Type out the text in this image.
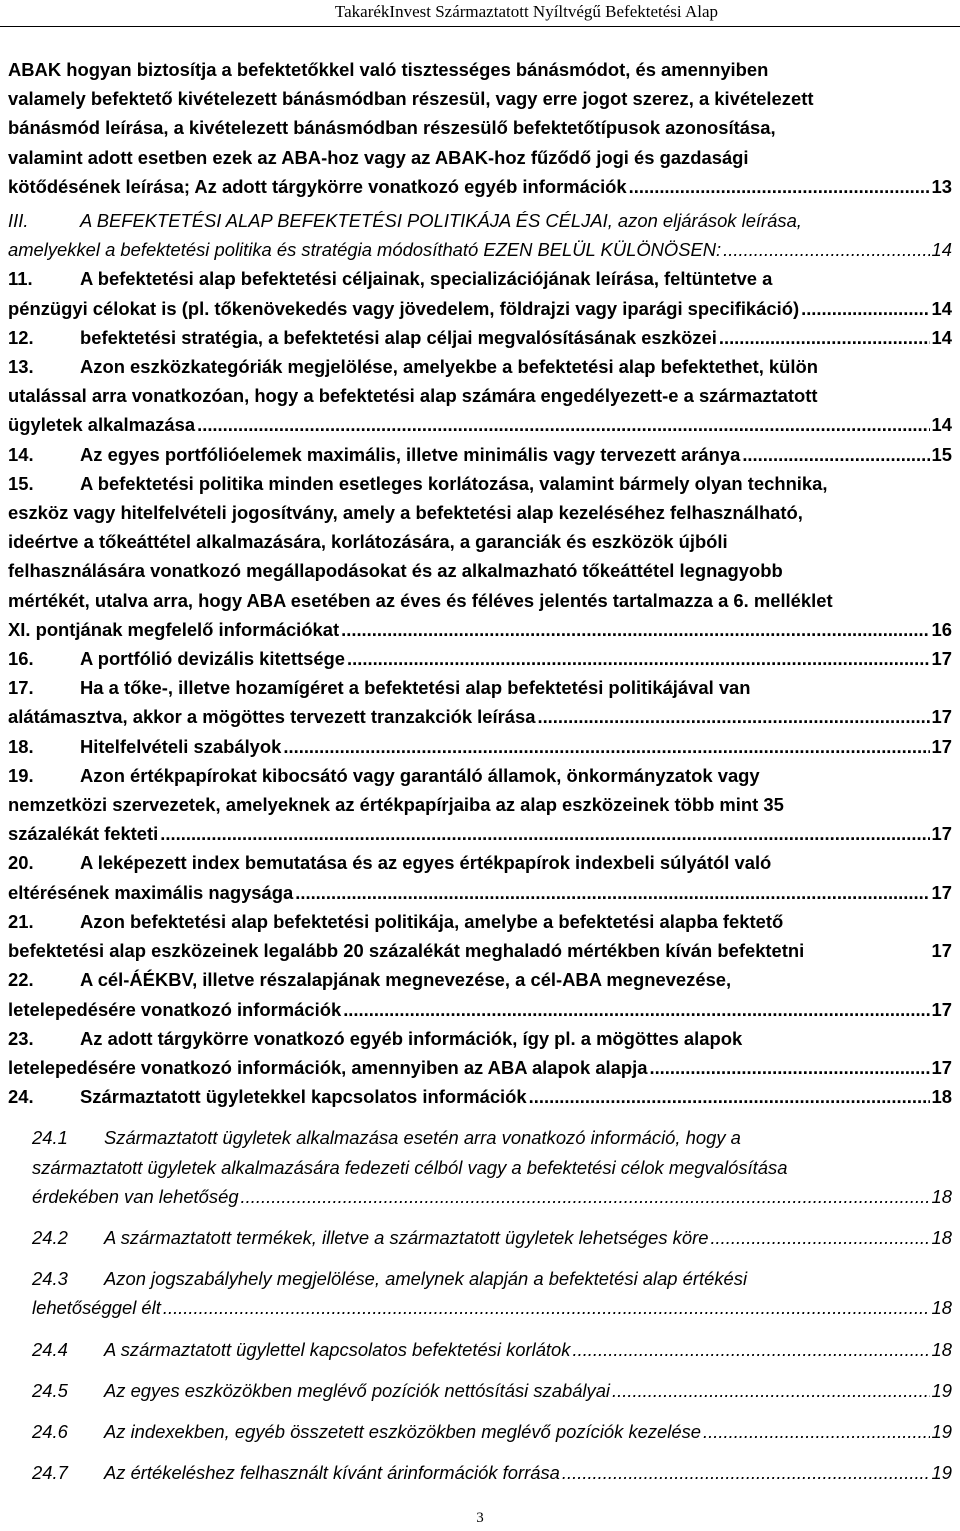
TakarékInvest Származtatott Nyíltvégű Befektetési Alap
ABAK hogyan biztosítja a befektetőkkel való tisztességes bánásmódot, és amennyiben
valamely befektető kivételezett bánásmódban részesül, vagy erre jogot szerez, a kivételezett
bánásmód leírása, a kivételezett bánásmódban részesülő befektetőtípusok azonosítása,
valamint adott esetben ezek az ABA-hoz vagy az ABAK-hoz fűződő jogi és gazdasági
kötődésének leírása; Az adott tárgykörre vonatkozó egyéb információk .....	13
III.	A BEFEKTETÉSI ALAP BEFEKTETÉSI POLITIKÁJA ÉS CÉLJAI, azon eljárások leírása,
amelyekkel a befektetési politika és stratégia módosítható EZEN BELÜL KÜLÖNÖSEN: .....	14
11.	A befektetési alap befektetési céljainak, specializációjának leírása, feltüntetve a
pénzügyi célokat is (pl. tőkenövekedés vagy jövedelem, földrajzi vagy iparági specifikáció) .....	14
12.	befektetési stratégia, a befektetési alap céljai megvalósításának eszközei .....	14
13.	Azon eszközkategóriák megjelölése, amelyekbe a befektetési alap befektethet, külön
utalással arra vonatkozóan, hogy a befektetési alap számára engedélyezett-e a származtatott
ügyletek alkalmazása .....	14
14.	Az egyes portfólióelemek maximális, illetve minimális vagy tervezett aránya .....	15
15.	A befektetési politika minden esetleges korlátozása, valamint bármely olyan technika,
eszköz vagy hitelfelvételi jogosítvány, amely a befektetési alap kezeléséhez felhasználható,
ideértve a tőkeáttétel alkalmazására, korlátozására, a garanciák és eszközök újbóli
felhasználására vonatkozó megállapodásokat és az alkalmazható tőkeáttétel legnagyobb
mértékét, utalva arra, hogy ABA esetében az éves és féléves jelentés tartalmazza a 6. melléklet
XI. pontjának megfelelő információkat .....	16
16.	A portfólió devizális kitettsége .....	17
17.	Ha a tőke-, illetve hozamígéret a befektetési alap befektetési politikájával van
alátámasztva, akkor a mögöttes tervezett tranzakciók leírása .....	17
18.	Hitelfelvételi szabályok .....	17
19.	Azon értékpapírokat kibocsátó vagy garantáló államok, önkormányzatok vagy
nemzetközi szervezetek, amelyeknek az értékpapírjaiba az alap eszközeinek több mint 35
százalékát fekteti .....	17
20.	A leképezett index bemutatása és az egyes értékpapírok indexbeli súlyától való
eltérésének maximális nagysága .....	17
21.	Azon befektetési alap befektetési politikája, amelybe a befektetési alapba fektető
befektetési alap eszközeinek legalább 20 százalékát meghaladó mértékben kíván befektetni	17
22.	A cél-ÁÉKBV, illetve részalapjának megnevezése, a cél-ABA megnevezése,
letelepedésére vonatkozó információk .....	17
23.	Az adott tárgykörre vonatkozó egyéb információk, így pl. a mögöttes alapok
letelepedésére vonatkozó információk, amennyiben az ABA alapok alapja .....	17
24.	Származtatott ügyletekkel kapcsolatos információk .....	18
24.1	Származtatott ügyletek alkalmazása esetén arra vonatkozó információ, hogy a
származtatott ügyletek alkalmazására fedezeti célból vagy a befektetési célok megvalósítása
érdekében van lehetőség .....	18
24.2	A származtatott termékek, illetve a származtatott ügyletek lehetséges köre .....	18
24.3	Azon jogszabályhely megjelölése, amelynek alapján a befektetési alap értékési
lehetőséggel élt .....	18
24.4	A származtatott ügylettel kapcsolatos befektetési korlátok .....	18
24.5	Az egyes eszközökben meglévő pozíciók nettósítási szabályai .....	19
24.6	Az indexekben, egyéb összetett eszközökben meglévő pozíciók kezelése .....	19
24.7	Az értékeléshez felhasznált kívánt árinformációk forrása .....	19
3
